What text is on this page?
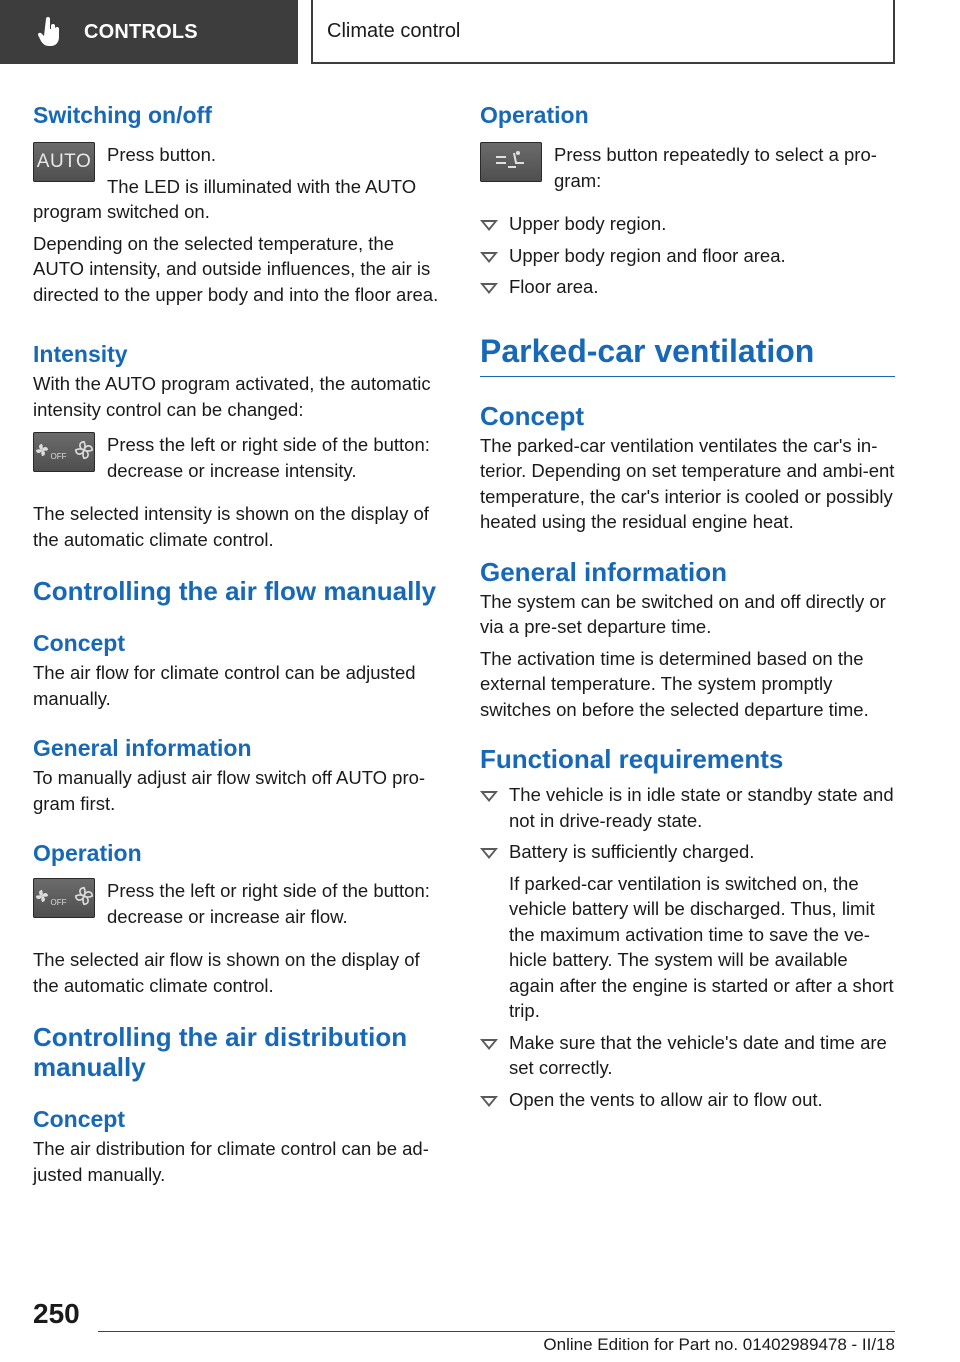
CONTROLS	Climate control
Switching on/off
AUTO Press button.

The LED is illuminated with the AUTO

program switched on.

Depending on the selected temperature, the AUTO intensity, and outside influences, the air is directed to the upper body and into the floor area.

Intensity

With the AUTO program activated, the automatic intensity control can be changed:

OFF

Press the left or right side of the button: decrease or increase intensity.

The selected intensity is shown on the display of the automatic climate control.

Controlling the air flow manually
Concept

The air flow for climate control can be adjusted manually.

General information

To manually adjust air flow switch off AUTO pro-gram first.

Operation
OFF

Press the left or right side of the button: decrease or increase air flow.

The selected air flow is shown on the display of the automatic climate control.

Controlling the air distribution manually
Concept

The air distribution for climate control can be ad-justed manually.

Operation

Press button repeatedly to select a pro-gram:

Upper body region.
Upper body region and floor area.
Floor area.
Parked-car ventilation
Concept

The parked-car ventilation ventilates the car's in-terior. Depending on set temperature and ambi-ent temperature, the car's interior is cooled or possibly heated using the residual engine heat.

General information

The system can be switched on and off directly or via a pre-set departure time.

The activation time is determined based on the external temperature. The system promptly switches on before the selected departure time.

Functional requirements
The vehicle is in idle state or standby state and not in drive-ready state.
Battery is sufficiently charged.
If parked-car ventilation is switched on, the vehicle battery will be discharged. Thus, limit the maximum activation time to save the ve-hicle battery. The system will be available again after the engine is started or after a short trip.
Make sure that the vehicle's date and time are set correctly.
Open the vents to allow air to flow out.
250
Online Edition for Part no. 01402989478 - II/18
